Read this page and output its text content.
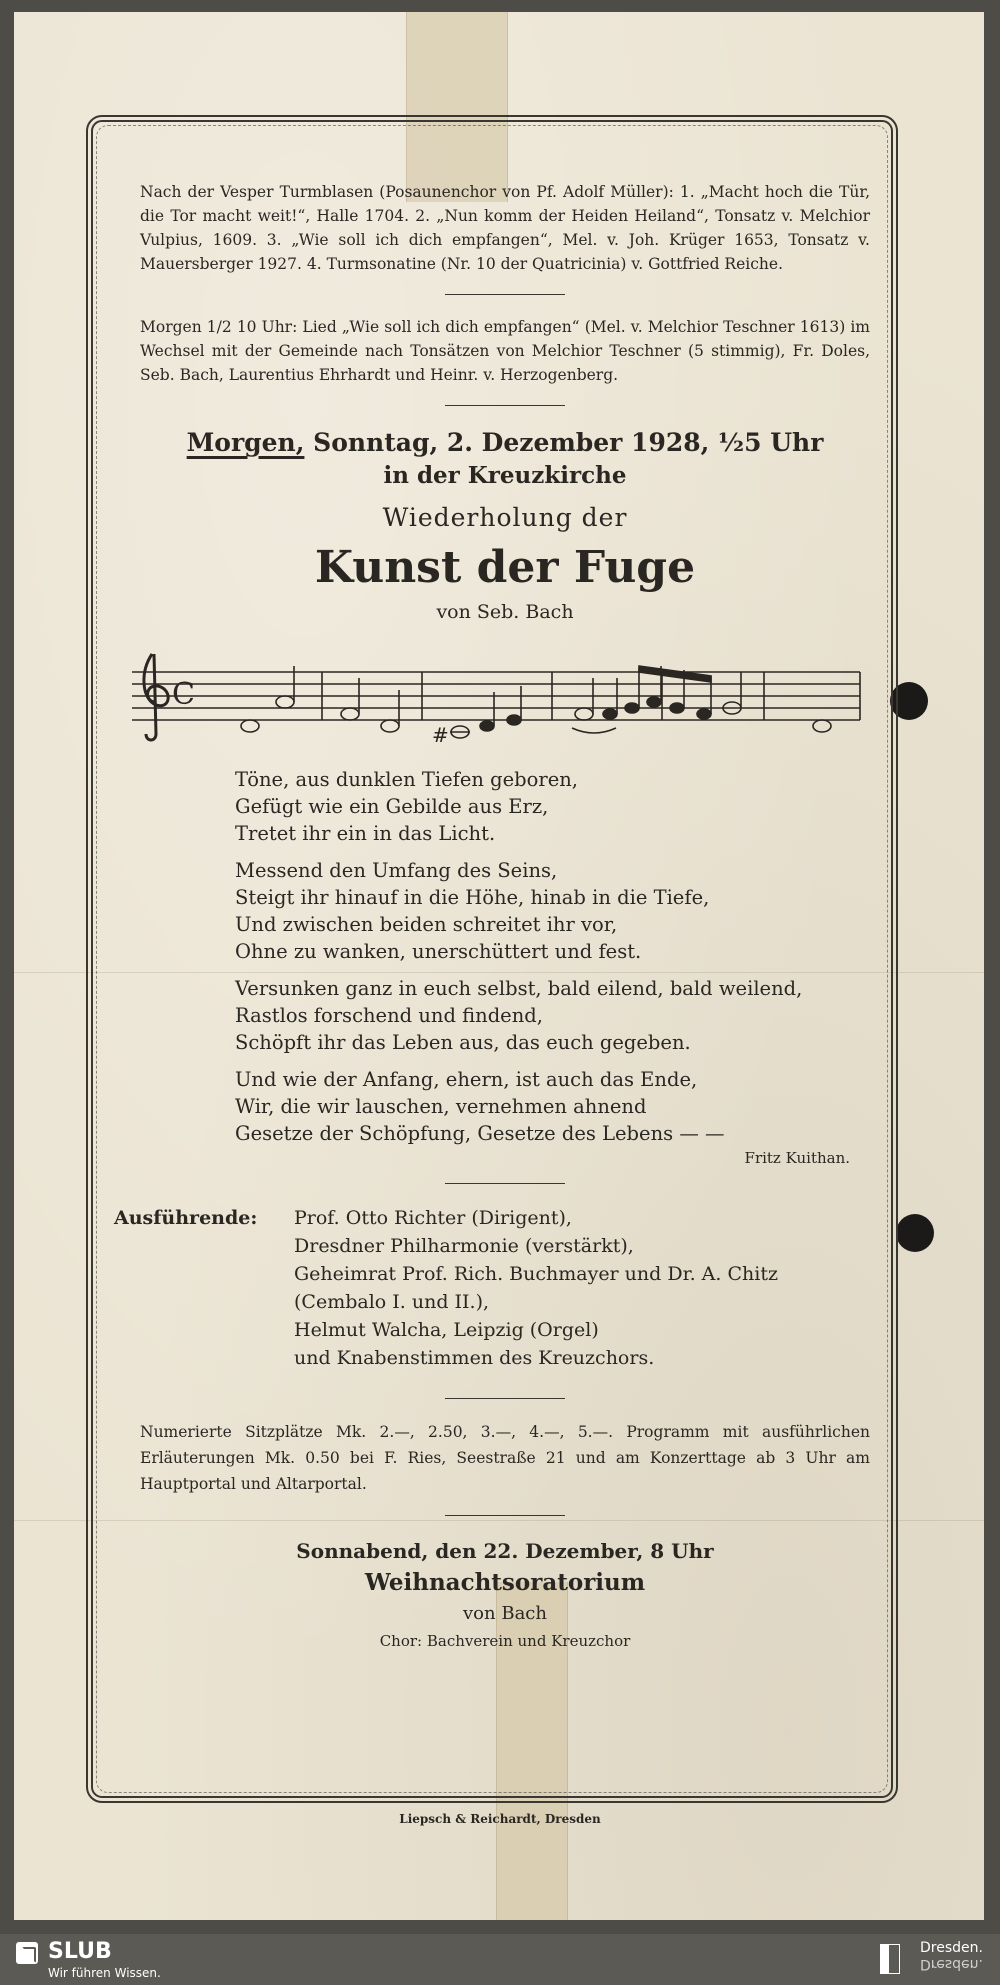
Nach der Vesper Turmblasen (Posaunenchor von Pf. Adolf Müller): 1. „Macht hoch die Tür, die Tor macht weit!“, Halle 1704. 2. „Nun komm der Heiden Heiland“, Tonsatz v. Melchior Vulpius, 1609. 3. „Wie soll ich dich empfangen“, Mel. v. Joh. Krüger 1653, Tonsatz v. Mauersberger 1927. 4. Turmsonatine (Nr. 10 der Quatricinia) v. Gottfried Reiche.

Morgen 1/2 10 Uhr: Lied „Wie soll ich dich empfangen“ (Mel. v. Melchior Teschner 1613) im Wechsel mit der Gemeinde nach Tonsätzen von Melchior Teschner (5 stimmig), Fr. Doles, Seb. Bach, Laurentius Ehrhardt und Heinr. v. Herzogenberg.

Morgen, Sonntag, 2. Dezember 1928, ½5 Uhr
in der Kreuzkirche
Wiederholung der
Kunst der Fuge
von Seb. Bach
C
#
Töne, aus dunklen Tiefen geboren,
Gefügt wie ein Gebilde aus Erz,
Tretet ihr ein in das Licht.
Messend den Umfang des Seins,
Steigt ihr hinauf in die Höhe, hinab in die Tiefe,
Und zwischen beiden schreitet ihr vor,
Ohne zu wanken, unerschüttert und fest.
Versunken ganz in euch selbst, bald eilend, bald weilend,
Rastlos forschend und findend,
Schöpft ihr das Leben aus, das euch gegeben.
Und wie der Anfang, ehern, ist auch das Ende,
Wir, die wir lauschen, vernehmen ahnend
Gesetze der Schöpfung, Gesetze des Lebens — —
Fritz Kuithan.
Ausführende:	Prof. Otto Richter (Dirigent),
Dresdner Philharmonie (verstärkt),
Geheimrat Prof. Rich. Buchmayer und Dr. A. Chitz
(Cembalo I. und II.),
Helmut Walcha, Leipzig (Orgel)
und Knabenstimmen des Kreuzchors.

Numerierte Sitzplätze Mk. 2.—, 2.50, 3.—, 4.—, 5.—. Programm mit ausführlichen Erläuterungen Mk. 0.50 bei F. Ries, Seestraße 21 und am Konzerttage ab 3 Uhr am Hauptportal und Altarportal.

Sonnabend, den 22. Dezember, 8 Uhr
Weihnachtsoratorium
von Bach
Chor: Bachverein und Kreuzchor
Liepsch & Reichardt, Dresden
SLUB
Wir führen Wissen.
Dresden.
Dresden.
